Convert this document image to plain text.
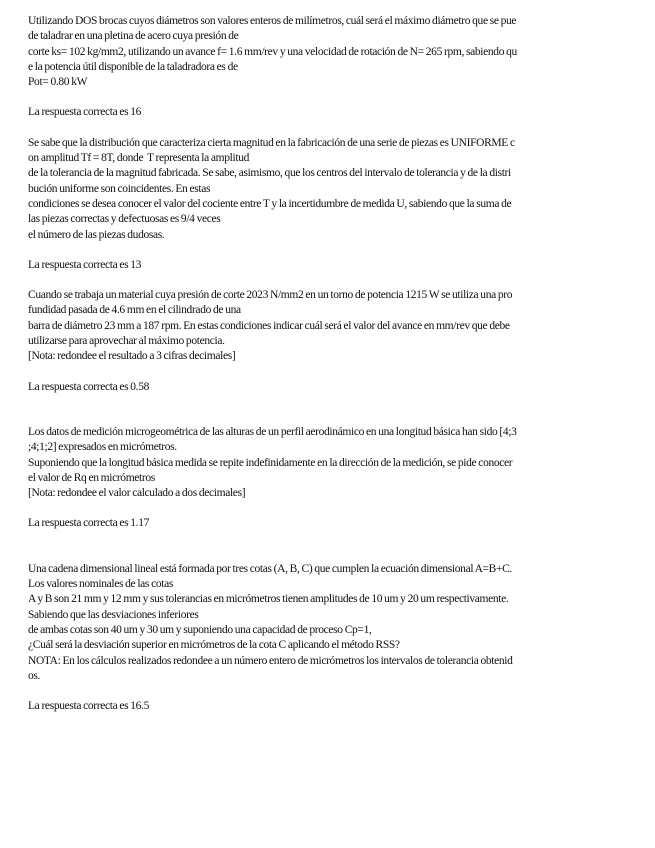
Utilizando DOS brocas cuyos diámetros son valores enteros de milímetros, cuál será el máximo diámetro que se pue
de taladrar en una pletina de acero cuya presión de
corte ks= 102 kg/mm2, utilizando un avance f= 1.6 mm/rev y una velocidad de rotación de N= 265 rpm, sabiendo qu
e la potencia útil disponible de la taladradora es de
Pot= 0.80 kW
La respuesta correcta es 16
Se sabe que la distribución que caracteriza cierta magnitud en la fabricación de una serie de piezas es UNIFORME c
on amplitud Tf = 8T, donde  T representa la amplitud
de la tolerancia de la magnitud fabricada. Se sabe, asimismo, que los centros del intervalo de tolerancia y de la distri
bución uniforme son coincidentes. En estas
condiciones se desea conocer el valor del cociente entre T y la incertidumbre de medida U, sabiendo que la suma de
las piezas correctas y defectuosas es 9/4 veces
el número de las piezas dudosas.
La respuesta correcta es 13
Cuando se trabaja un material cuya presión de corte 2023 N/mm2 en un torno de potencia 1215 W se utiliza una pro
fundidad pasada de 4.6 mm en el cilindrado de una
barra de diámetro 23 mm a 187 rpm. En estas condiciones indicar cuál será el valor del avance en mm/rev que debe
utilizarse para aprovechar al máximo potencia.
[Nota: redondee el resultado a 3 cifras decimales]
La respuesta correcta es 0.58
Los datos de medición microgeométrica de las alturas de un perfil aerodinámico en una longitud básica han sido [4;3
;4;1;2] expresados en micrómetros.
Suponiendo que la longitud básica medida se repite indefinidamente en la dirección de la medición, se pide conocer
el valor de Rq en micrómetros
[Nota: redondee el valor calculado a dos decimales]
La respuesta correcta es 1.17
Una cadena dimensional lineal está formada por tres cotas (A, B, C) que cumplen la ecuación dimensional A=B+C.
Los valores nominales de las cotas
A y B son 21 mm y 12 mm y sus tolerancias en micrómetros tienen amplitudes de 10 um y 20 um respectivamente.
Sabiendo que las desviaciones inferiores
de ambas cotas son 40 um y 30 um y suponiendo una capacidad de proceso Cp=1,
¿Cuál será la desviación superior en micrómetros de la cota C aplicando el método RSS?
NOTA: En los cálculos realizados redondee a un número entero de micrómetros los intervalos de tolerancia obtenid
os.
La respuesta correcta es 16.5
